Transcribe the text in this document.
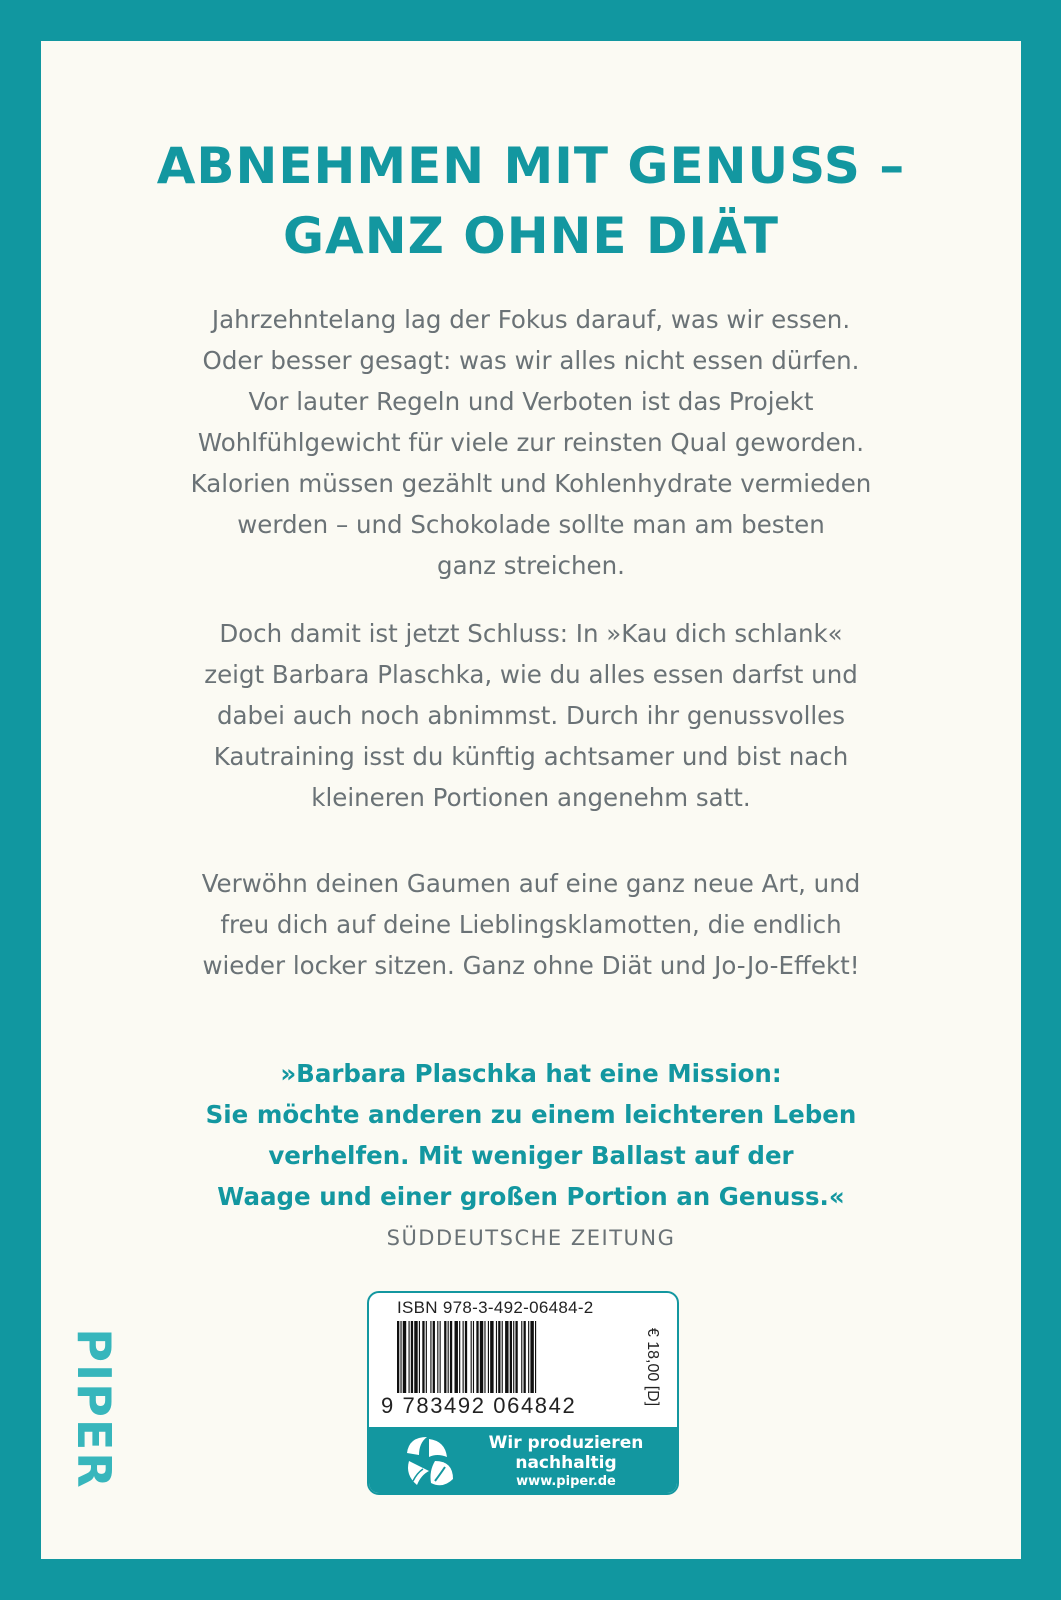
ABNEHMEN MIT GENUSS –
GANZ OHNE DIÄT

Jahrzehntelang lag der Fokus darauf, was wir essen.
Oder besser gesagt: was wir alles nicht essen dürfen.
Vor lauter Regeln und Verboten ist das Projekt
Wohlfühlgewicht für viele zur reinsten Qual geworden.
Kalorien müssen gezählt und Kohlenhydrate vermieden
werden – und Schokolade sollte man am besten
ganz streichen.

Doch damit ist jetzt Schluss: In »Kau dich schlank«
zeigt Barbara Plaschka, wie du alles essen darfst und
dabei auch noch abnimmst. Durch ihr genussvolles
Kautraining isst du künftig achtsamer und bist nach
kleineren Portionen angenehm satt.

Verwöhn deinen Gaumen auf eine ganz neue Art, und
freu dich auf deine Lieblingsklamotten, die endlich
wieder locker sitzen. Ganz ohne Diät und Jo-Jo-Effekt!

»Barbara Plaschka hat eine Mission:
Sie möchte anderen zu einem leichteren Leben
verhelfen. Mit weniger Ballast auf der
Waage und einer großen Portion an Genuss.«

SÜDDEUTSCHE ZEITUNG
PIPER
ISBN 978-3-492-06484-2
9 783492 064842	€ 18,00 [D]
Wir produzieren
nachhaltig
www.piper.de
